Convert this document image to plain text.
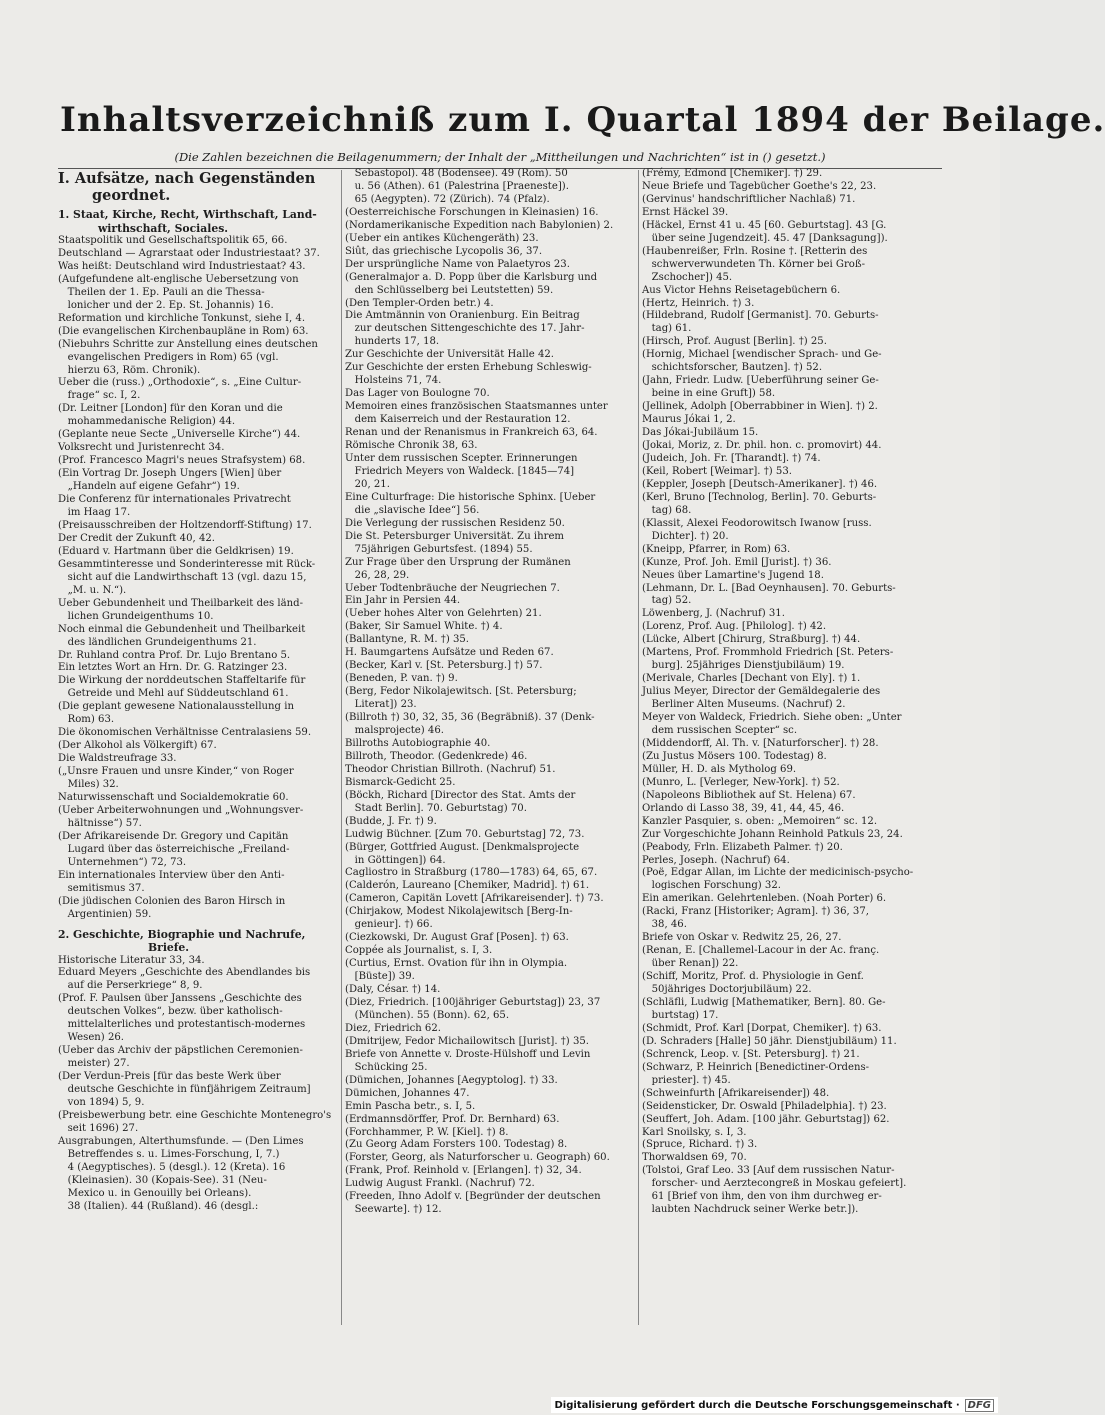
Inhaltsverzeichniß zum I. Quartal 1894 der Beilage.
(Die Zahlen bezeichnen die Beilagenummern; der Inhalt der „Mittheilungen und Nachrichten“ ist in () gesetzt.)
I. Aufsätze, nach Gegenständen
geordnet.
1. Staat, Kirche, Recht, Wirthschaft, Land-
wirthschaft, Sociales.
Staatspolitik und Gesellschaftspolitik 65, 66.
Deutschland — Agrarstaat oder Industriestaat? 37.
Was heißt: Deutschland wird Industriestaat? 43.
(Aufgefundene alt-englische Uebersetzung von
Theilen der 1. Ep. Pauli an die Thessa-
lonicher und der 2. Ep. St. Johannis) 16.
Reformation und kirchliche Tonkunst, siehe I, 4.
(Die evangelischen Kirchenbaupläne in Rom) 63.
(Niebuhrs Schritte zur Anstellung eines deutschen
evangelischen Predigers in Rom) 65 (vgl.
hierzu 63, Röm. Chronik).
Ueber die (russ.) „Orthodoxie“, s. „Eine Cultur-
frage“ sc. I, 2.
(Dr. Leitner [London] für den Koran und die
mohammedanische Religion) 44.
(Geplante neue Secte „Universelle Kirche“) 44.
Volksrecht und Juristenrecht 34.
(Prof. Francesco Magri's neues Strafsystem) 68.
(Ein Vortrag Dr. Joseph Ungers [Wien] über
„Handeln auf eigene Gefahr“) 19.
Die Conferenz für internationales Privatrecht
im Haag 17.
(Preisausschreiben der Holtzendorff-Stiftung) 17.
Der Credit der Zukunft 40, 42.
(Eduard v. Hartmann über die Geldkrisen) 19.
Gesammtinteresse und Sonderinteresse mit Rück-
sicht auf die Landwirthschaft 13 (vgl. dazu 15,
„M. u. N.“).
Ueber Gebundenheit und Theilbarkeit des länd-
lichen Grundeigenthums 10.
Noch einmal die Gebundenheit und Theilbarkeit
des ländlichen Grundeigenthums 21.
Dr. Ruhland contra Prof. Dr. Lujo Brentano 5.
Ein letztes Wort an Hrn. Dr. G. Ratzinger 23.
Die Wirkung der norddeutschen Staffeltarife für
Getreide und Mehl auf Süddeutschland 61.
(Die geplant gewesene Nationalausstellung in
Rom) 63.
Die ökonomischen Verhältnisse Centralasiens 59.
(Der Alkohol als Völkergift) 67.
Die Waldstreufrage 33.
(„Unsre Frauen und unsre Kinder,“ von Roger
Miles) 32.
Naturwissenschaft und Socialdemokratie 60.
(Ueber Arbeiterwohnungen und „Wohnungsver-
hältnisse“) 57.
(Der Afrikareisende Dr. Gregory und Capitän
Lugard über das österreichische „Freiland-
Unternehmen“) 72, 73.
Ein internationales Interview über den Anti-
semitismus 37.
(Die jüdischen Colonien des Baron Hirsch in
Argentinien) 59.
2. Geschichte, Biographie und Nachrufe,
Briefe.
Historische Literatur 33, 34.
Eduard Meyers „Geschichte des Abendlandes bis
auf die Perserkriege“ 8, 9.
(Prof. F. Paulsen über Janssens „Geschichte des
deutschen Volkes“, bezw. über katholisch-
mittelalterliches und protestantisch-modernes
Wesen) 26.
(Ueber das Archiv der päpstlichen Ceremonien-
meister) 27.
(Der Verdun-Preis [für das beste Werk über
deutsche Geschichte in fünfjährigem Zeitraum]
von 1894) 5, 9.
(Preisbewerbung betr. eine Geschichte Montenegro's
seit 1696) 27.
Ausgrabungen, Alterthumsfunde. — (Den Limes
Betreffendes s. u. Limes-Forschung, I, 7.)
4 (Aegyptisches). 5 (desgl.). 12 (Kreta). 16
(Kleinasien). 30 (Kopais-See). 31 (Neu-
Mexico u. in Genouilly bei Orleans).
38 (Italien). 44 (Rußland). 46 (desgl.:
Sebastopol). 48 (Bodensee). 49 (Rom). 50
u. 56 (Athen). 61 (Palestrina [Praeneste]).
65 (Aegypten). 72 (Zürich). 74 (Pfalz).
(Oesterreichische Forschungen in Kleinasien) 16.
(Nordamerikanische Expedition nach Babylonien) 2.
(Ueber ein antikes Küchengeräth) 23.
Siût, das griechische Lycopolis 36, 37.
Der ursprüngliche Name von Palaetyros 23.
(Generalmajor a. D. Popp über die Karlsburg und
den Schlüsselberg bei Leutstetten) 59.
(Den Templer-Orden betr.) 4.
Die Amtmännin von Oranienburg. Ein Beitrag
zur deutschen Sittengeschichte des 17. Jahr-
hunderts 17, 18.
Zur Geschichte der Universität Halle 42.
Zur Geschichte der ersten Erhebung Schleswig-
Holsteins 71, 74.
Das Lager von Boulogne 70.
Memoiren eines französischen Staatsmannes unter
dem Kaiserreich und der Restauration 12.
Renan und der Renanismus in Frankreich 63, 64.
Römische Chronik 38, 63.
Unter dem russischen Scepter. Erinnerungen
Friedrich Meyers von Waldeck. [1845—74]
20, 21.
Eine Culturfrage: Die historische Sphinx. [Ueber
die „slavische Idee“] 56.
Die Verlegung der russischen Residenz 50.
Die St. Petersburger Universität. Zu ihrem
75jährigen Geburtsfest. (1894) 55.
Zur Frage über den Ursprung der Rumänen
26, 28, 29.
Ueber Todtenbräuche der Neugriechen 7.
Ein Jahr in Persien 44.
(Ueber hohes Alter von Gelehrten) 21.
(Baker, Sir Samuel White. †) 4.
(Ballantyne, R. M. †) 35.
H. Baumgartens Aufsätze und Reden 67.
(Becker, Karl v. [St. Petersburg.] †) 57.
(Beneden, P. van. †) 9.
(Berg, Fedor Nikolajewitsch. [St. Petersburg;
Literat]) 23.
(Billroth †) 30, 32, 35, 36 (Begräbniß). 37 (Denk-
malsprojecte) 46.
Billroths Autobiographie 40.
Billroth, Theodor. (Gedenkrede) 46.
Theodor Christian Billroth. (Nachruf) 51.
Bismarck-Gedicht 25.
(Böckh, Richard [Director des Stat. Amts der
Stadt Berlin]. 70. Geburtstag) 70.
(Budde, J. Fr. †) 9.
Ludwig Büchner. [Zum 70. Geburtstag] 72, 73.
(Bürger, Gottfried August. [Denkmalsprojecte
in Göttingen]) 64.
Cagliostro in Straßburg (1780—1783) 64, 65, 67.
(Calderón, Laureano [Chemiker, Madrid]. †) 61.
(Cameron, Capitän Lovett [Afrikareisender]. †) 73.
(Chirjakow, Modest Nikolajewitsch [Berg-In-
genieur]. †) 66.
(Ciezkowski, Dr. August Graf [Posen]. †) 63.
Coppée als Journalist, s. I, 3.
(Curtius, Ernst. Ovation für ihn in Olympia.
[Büste]) 39.
(Daly, César. †) 14.
(Diez, Friedrich. [100jähriger Geburtstag]) 23, 37
(München). 55 (Bonn). 62, 65.
Diez, Friedrich 62.
(Dmitrijew, Fedor Michailowitsch [Jurist]. †) 35.
Briefe von Annette v. Droste-Hülshoff und Levin
Schücking 25.
(Dümichen, Johannes [Aegyptolog]. †) 33.
Dümichen, Johannes 47.
Emin Pascha betr., s. I, 5.
(Erdmannsdörffer, Prof. Dr. Bernhard) 63.
(Forchhammer, P. W. [Kiel]. †) 8.
(Zu Georg Adam Forsters 100. Todestag) 8.
(Forster, Georg, als Naturforscher u. Geograph) 60.
(Frank, Prof. Reinhold v. [Erlangen]. †) 32, 34.
Ludwig August Frankl. (Nachruf) 72.
(Freeden, Ihno Adolf v. [Begründer der deutschen
Seewarte]. †) 12.
(Frémy, Edmond [Chemiker]. †) 29.
Neue Briefe und Tagebücher Goethe's 22, 23.
(Gervinus' handschriftlicher Nachlaß) 71.
Ernst Häckel 39.
(Häckel, Ernst 41 u. 45 [60. Geburtstag]. 43 [G.
über seine Jugendzeit]. 45. 47 [Danksagung]).
(Haubenreißer, Frln. Rosine †. [Retterin des
schwerverwundeten Th. Körner bei Groß-
Zschocher]) 45.
Aus Victor Hehns Reisetagebüchern 6.
(Hertz, Heinrich. †) 3.
(Hildebrand, Rudolf [Germanist]. 70. Geburts-
tag) 61.
(Hirsch, Prof. August [Berlin]. †) 25.
(Hornig, Michael [wendischer Sprach- und Ge-
schichtsforscher, Bautzen]. †) 52.
(Jahn, Friedr. Ludw. [Ueberführung seiner Ge-
beine in eine Gruft]) 58.
(Jellinek, Adolph [Oberrabbiner in Wien]. †) 2.
Maurus Jókai 1, 2.
Das Jókai-Jubiläum 15.
(Jokai, Moriz, z. Dr. phil. hon. c. promovirt) 44.
(Judeich, Joh. Fr. [Tharandt]. †) 74.
(Keil, Robert [Weimar]. †) 53.
(Keppler, Joseph [Deutsch-Amerikaner]. †) 46.
(Kerl, Bruno [Technolog, Berlin]. 70. Geburts-
tag) 68.
(Klassit, Alexei Feodorowitsch Iwanow [russ.
Dichter]. †) 20.
(Kneipp, Pfarrer, in Rom) 63.
(Kunze, Prof. Joh. Emil [Jurist]. †) 36.
Neues über Lamartine's Jugend 18.
(Lehmann, Dr. L. [Bad Oeynhausen]. 70. Geburts-
tag) 52.
Löwenberg, J. (Nachruf) 31.
(Lorenz, Prof. Aug. [Philolog]. †) 42.
(Lücke, Albert [Chirurg, Straßburg]. †) 44.
(Martens, Prof. Frommhold Friedrich [St. Peters-
burg]. 25jähriges Dienstjubiläum) 19.
(Merivale, Charles [Dechant von Ely]. †) 1.
Julius Meyer, Director der Gemäldegalerie des
Berliner Alten Museums. (Nachruf) 2.
Meyer von Waldeck, Friedrich. Siehe oben: „Unter
dem russischen Scepter“ sc.
(Middendorff, Al. Th. v. [Naturforscher]. †) 28.
(Zu Justus Mösers 100. Todestag) 8.
Müller, H. D. als Mytholog 69.
(Munro, L. [Verleger, New-York]. †) 52.
(Napoleons Bibliothek auf St. Helena) 67.
Orlando di Lasso 38, 39, 41, 44, 45, 46.
Kanzler Pasquier, s. oben: „Memoiren“ sc. 12.
Zur Vorgeschichte Johann Reinhold Patkuls 23, 24.
(Peabody, Frln. Elizabeth Palmer. †) 20.
Perles, Joseph. (Nachruf) 64.
(Poë, Edgar Allan, im Lichte der medicinisch-psycho-
logischen Forschung) 32.
Ein amerikan. Gelehrtenleben. (Noah Porter) 6.
(Racki, Franz [Historiker; Agram]. †) 36, 37,
38, 46.
Briefe von Oskar v. Redwitz 25, 26, 27.
(Renan, E. [Challemel-Lacour in der Ac. franç.
über Renan]) 22.
(Schiff, Moritz, Prof. d. Physiologie in Genf.
50jähriges Doctorjubiläum) 22.
(Schläfli, Ludwig [Mathematiker, Bern]. 80. Ge-
burtstag) 17.
(Schmidt, Prof. Karl [Dorpat, Chemiker]. †) 63.
(D. Schraders [Halle] 50 jähr. Dienstjubiläum) 11.
(Schrenck, Leop. v. [St. Petersburg]. †) 21.
(Schwarz, P. Heinrich [Benedictiner-Ordens-
priester]. †) 45.
(Schweinfurth [Afrikareisender]) 48.
(Seidensticker, Dr. Oswald [Philadelphia]. †) 23.
(Seuffert, Joh. Adam. [100 jähr. Geburtstag]) 62.
Karl Snoilsky, s. I, 3.
(Spruce, Richard. †) 3.
Thorwaldsen 69, 70.
(Tolstoi, Graf Leo. 33 [Auf dem russischen Natur-
forscher- und Aerztecongreß in Moskau gefeiert].
61 [Brief von ihm, den von ihm durchweg er-
laubten Nachdruck seiner Werke betr.]).
Digitalisierung gefördert durch die Deutsche Forschungsgemeinschaft · DFG
